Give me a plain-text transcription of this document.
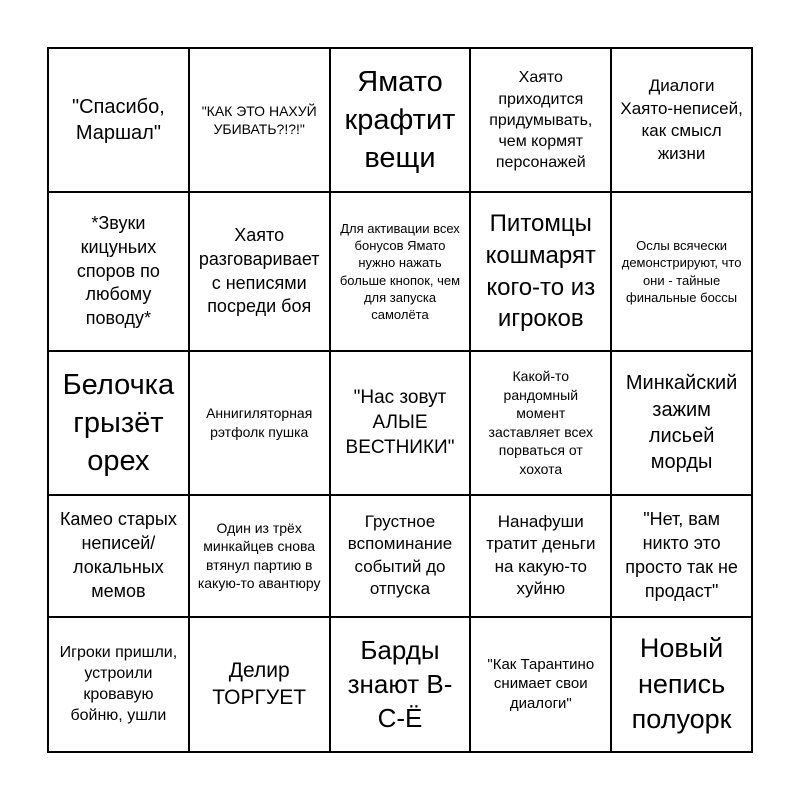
"Спасибо, Маршал"	"КАК ЭТО НАХУЙ УБИВАТЬ?!?!"	Ямато крафтит вещи	Хаято приходится придумывать, чем кормят персонажей	Диалоги Хаято-неписей, как смысл жизни
*Звуки кицуньих споров по любому поводу*	Хаято разговаривает с неписями посреди боя	Для активации всех бонусов Ямато нужно нажать больше кнопок, чем для запуска самолёта	Питомцы кошмарят кого-то из игроков	Ослы всячески демонстрируют, что они - тайные финальные боссы
Белочка грызёт орех	Аннигиляторная рэтфолк пушка	"Нас зовут АЛЫЕ ВЕСТНИКИ"	Какой-то рандомный момент заставляет всех порваться от хохота	Минкайский зажим лисьей морды
Камео старых неписей/ локальных мемов	Один из трёх минкайцев снова втянул партию в какую-то авантюру	Грустное вспоминание событий до отпуска	Нанафуши тратит деньги на какую-то хуйню	"Нет, вам никто это просто так не продаст"
Игроки пришли, устроили кровавую бойню, ушли	Делир ТОРГУЕТ	Барды знают В-С-Ё	"Как Тарантино снимает свои диалоги"	Новый непись полуорк
